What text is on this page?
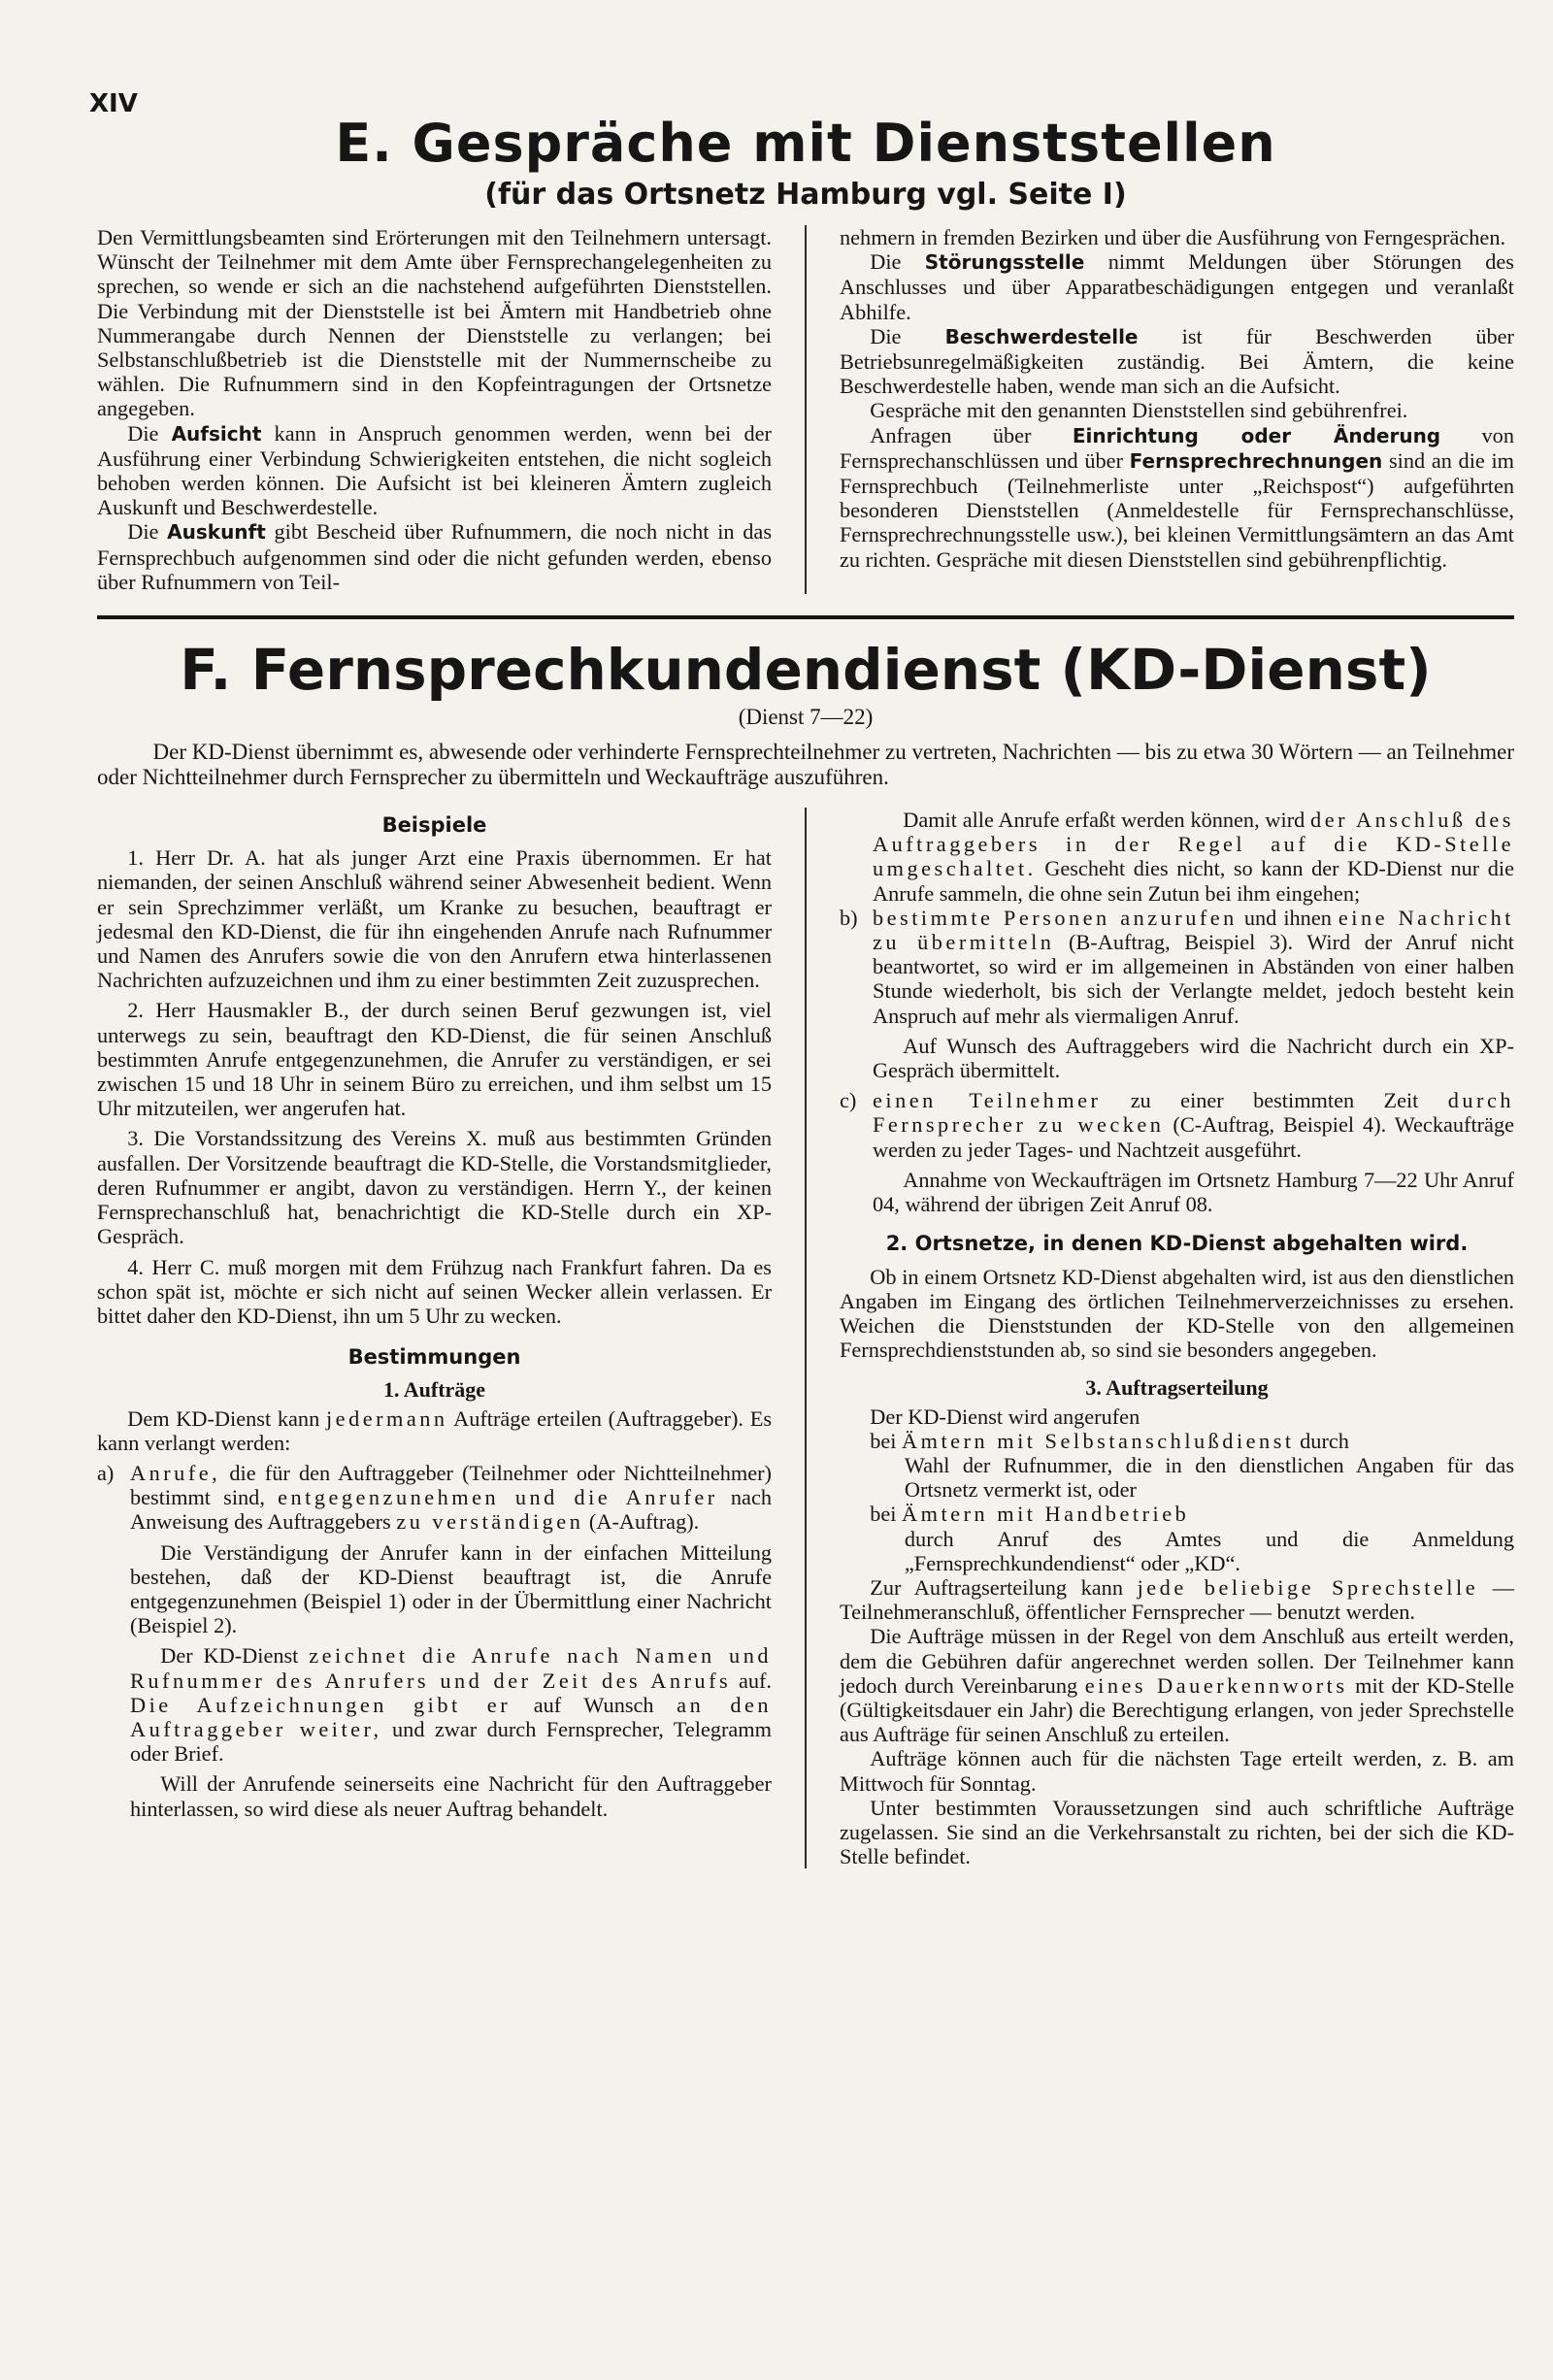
XIV
E. Gespräche mit Dienststellen
(für das Ortsnetz Hamburg vgl. Seite I)

Den Vermittlungsbeamten sind Erörterungen mit den Teilnehmern untersagt. Wünscht der Teilnehmer mit dem Amte über Fernsprechangelegenheiten zu sprechen, so wende er sich an die nachstehend aufgeführten Dienststellen. Die Verbindung mit der Dienststelle ist bei Ämtern mit Handbetrieb ohne Nummerangabe durch Nennen der Dienststelle zu verlangen; bei Selbstanschlußbetrieb ist die Dienststelle mit der Nummernscheibe zu wählen. Die Rufnummern sind in den Kopfeintragungen der Ortsnetze angegeben.

Die Aufsicht kann in Anspruch genommen werden, wenn bei der Ausführung einer Verbindung Schwierigkeiten entstehen, die nicht sogleich behoben werden können. Die Aufsicht ist bei kleineren Ämtern zugleich Auskunft und Beschwerdestelle.

Die Auskunft gibt Bescheid über Rufnummern, die noch nicht in das Fernsprechbuch aufgenommen sind oder die nicht gefunden werden, ebenso über Rufnummern von Teil-

nehmern in fremden Bezirken und über die Ausführung von Ferngesprächen.

Die Störungsstelle nimmt Meldungen über Störungen des Anschlusses und über Apparatbeschädigungen entgegen und veranlaßt Abhilfe.

Die Beschwerdestelle ist für Beschwerden über Betriebsunregelmäßigkeiten zuständig. Bei Ämtern, die keine Beschwerdestelle haben, wende man sich an die Aufsicht.

Gespräche mit den genannten Dienststellen sind gebührenfrei.

Anfragen über Einrichtung oder Änderung von Fernsprechanschlüssen und über Fernsprechrechnungen sind an die im Fernsprechbuch (Teilnehmerliste unter „Reichspost“) aufgeführten besonderen Dienststellen (Anmeldestelle für Fernsprechanschlüsse, Fernsprechrechnungsstelle usw.), bei kleinen Vermittlungsämtern an das Amt zu richten. Gespräche mit diesen Dienststellen sind gebührenpflichtig.

F. Fernsprechkundendienst (KD-Dienst)
(Dienst 7—22)

Der KD-Dienst übernimmt es, abwesende oder verhinderte Fernsprechteilnehmer zu vertreten, Nachrichten — bis zu etwa 30 Wörtern — an Teilnehmer oder Nichtteilnehmer durch Fernsprecher zu übermitteln und Weckaufträge auszuführen.

Beispiele

1. Herr Dr. A. hat als junger Arzt eine Praxis übernommen. Er hat niemanden, der seinen Anschluß während seiner Abwesenheit bedient. Wenn er sein Sprechzimmer verläßt, um Kranke zu besuchen, beauftragt er jedesmal den KD-Dienst, die für ihn eingehenden Anrufe nach Rufnummer und Namen des Anrufers sowie die von den Anrufern etwa hinterlassenen Nachrichten aufzuzeichnen und ihm zu einer bestimmten Zeit zuzusprechen.

2. Herr Hausmakler B., der durch seinen Beruf gezwungen ist, viel unterwegs zu sein, beauftragt den KD-Dienst, die für seinen Anschluß bestimmten Anrufe entgegenzunehmen, die Anrufer zu verständigen, er sei zwischen 15 und 18 Uhr in seinem Büro zu erreichen, und ihm selbst um 15 Uhr mitzuteilen, wer angerufen hat.

3. Die Vorstandssitzung des Vereins X. muß aus bestimmten Gründen ausfallen. Der Vorsitzende beauftragt die KD-Stelle, die Vorstandsmitglieder, deren Rufnummer er angibt, davon zu verständigen. Herrn Y., der keinen Fernsprechanschluß hat, benachrichtigt die KD-Stelle durch ein XP-Gespräch.

4. Herr C. muß morgen mit dem Frühzug nach Frankfurt fahren. Da es schon spät ist, möchte er sich nicht auf seinen Wecker allein verlassen. Er bittet daher den KD-Dienst, ihn um 5 Uhr zu wecken.

Bestimmungen
1. Aufträge

Dem KD-Dienst kann jedermann Aufträge erteilen (Auftraggeber). Es kann verlangt werden:

a) Anrufe, die für den Auftraggeber (Teilnehmer oder Nichtteilnehmer) bestimmt sind, entgegenzunehmen und die Anrufer nach Anweisung des Auftraggebers zu verständigen (A-Auftrag).

Die Verständigung der Anrufer kann in der einfachen Mitteilung bestehen, daß der KD-Dienst beauftragt ist, die Anrufe entgegenzunehmen (Beispiel 1) oder in der Übermittlung einer Nachricht (Beispiel 2).

Der KD-Dienst zeichnet die Anrufe nach Namen und Rufnummer des Anrufers und der Zeit des Anrufs auf. Die Aufzeichnungen gibt er auf Wunsch an den Auftraggeber weiter, und zwar durch Fernsprecher, Telegramm oder Brief.

Will der Anrufende seinerseits eine Nachricht für den Auftraggeber hinterlassen, so wird diese als neuer Auftrag behandelt.

Damit alle Anrufe erfaßt werden können, wird der Anschluß des Auftraggebers in der Regel auf die KD-Stelle umgeschaltet. Gescheht dies nicht, so kann der KD-Dienst nur die Anrufe sammeln, die ohne sein Zutun bei ihm eingehen;

b) bestimmte Personen anzurufen und ihnen eine Nachricht zu übermitteln (B-Auftrag, Beispiel 3). Wird der Anruf nicht beantwortet, so wird er im allgemeinen in Abständen von einer halben Stunde wiederholt, bis sich der Verlangte meldet, jedoch besteht kein Anspruch auf mehr als viermaligen Anruf.

Auf Wunsch des Auftraggebers wird die Nachricht durch ein XP-Gespräch übermittelt.

c) einen Teilnehmer zu einer bestimmten Zeit durch Fernsprecher zu wecken (C-Auftrag, Beispiel 4). Weckaufträge werden zu jeder Tages- und Nachtzeit ausgeführt.

Annahme von Weckaufträgen im Ortsnetz Hamburg 7—22 Uhr Anruf 04, während der übrigen Zeit Anruf 08.

2. Ortsnetze, in denen KD-Dienst abgehalten wird.

Ob in einem Ortsnetz KD-Dienst abgehalten wird, ist aus den dienstlichen Angaben im Eingang des örtlichen Teilnehmerverzeichnisses zu ersehen. Weichen die Dienststunden der KD-Stelle von den allgemeinen Fernsprechdienststunden ab, so sind sie besonders angegeben.

3. Auftragserteilung

Der KD-Dienst wird angerufen

bei Ämtern mit Selbstanschlußdienst durch

Wahl der Rufnummer, die in den dienstlichen Angaben für das Ortsnetz vermerkt ist, oder

bei Ämtern mit Handbetrieb

durch Anruf des Amtes und die Anmeldung „Fernsprechkundendienst“ oder „KD“.

Zur Auftragserteilung kann jede beliebige Sprechstelle — Teilnehmeranschluß, öffentlicher Fernsprecher — benutzt werden.

Die Aufträge müssen in der Regel von dem Anschluß aus erteilt werden, dem die Gebühren dafür angerechnet werden sollen. Der Teilnehmer kann jedoch durch Vereinbarung eines Dauerkennworts mit der KD-Stelle (Gültigkeitsdauer ein Jahr) die Berechtigung erlangen, von jeder Sprechstelle aus Aufträge für seinen Anschluß zu erteilen.

Aufträge können auch für die nächsten Tage erteilt werden, z. B. am Mittwoch für Sonntag.

Unter bestimmten Voraussetzungen sind auch schriftliche Aufträge zugelassen. Sie sind an die Verkehrsanstalt zu richten, bei der sich die KD-Stelle befindet.
